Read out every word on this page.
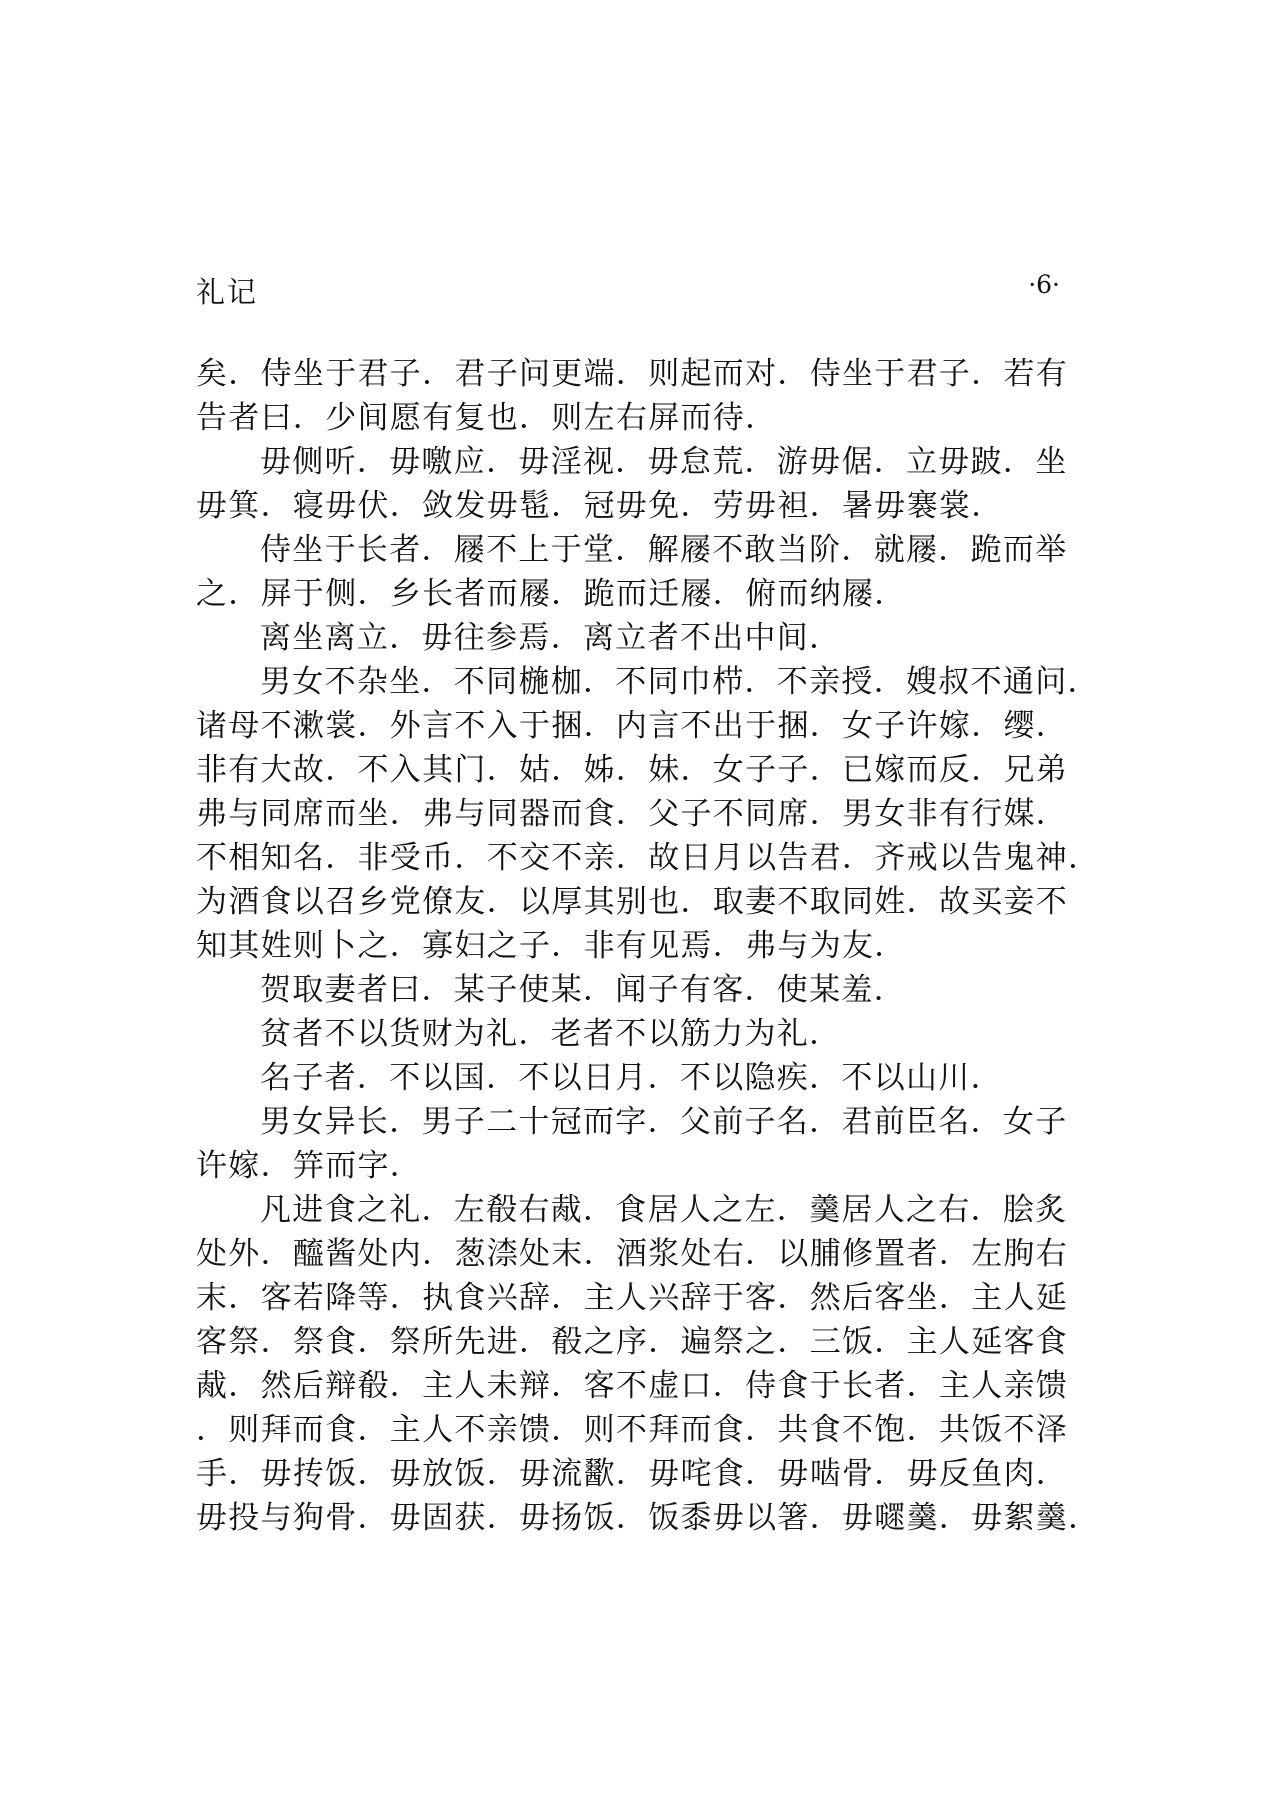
礼记	·6·
矣．侍坐于君子．君子问更端．则起而对．侍坐于君子．若有
告者曰．少间愿有复也．则左右屏而待．
毋侧听．毋噭应．毋淫视．毋怠荒．游毋倨．立毋跛．坐
毋箕．寝毋伏．敛发毋髢．冠毋免．劳毋袒．暑毋褰裳．
侍坐于长者．屦不上于堂．解屦不敢当阶．就屦．跪而举
之．屏于侧．乡长者而屦．跪而迁屦．俯而纳屦．
离坐离立．毋往参焉．离立者不出中间．
男女不杂坐．不同椸枷．不同巾栉．不亲授．嫂叔不通问．
诸母不漱裳．外言不入于捆．内言不出于捆．女子许嫁．缨．
非有大故．不入其门．姑．姊．妹．女子子．已嫁而反．兄弟
弗与同席而坐．弗与同器而食．父子不同席．男女非有行媒．
不相知名．非受币．不交不亲．故日月以告君．齐戒以告鬼神．
为酒食以召乡党僚友．以厚其别也．取妻不取同姓．故买妾不
知其姓则卜之．寡妇之子．非有见焉．弗与为友．
贺取妻者曰．某子使某．闻子有客．使某羞．
贫者不以货财为礼．老者不以筋力为礼．
名子者．不以国．不以日月．不以隐疾．不以山川．
男女异长．男子二十冠而字．父前子名．君前臣名．女子
许嫁．笄而字．
凡进食之礼．左殽右胾．食居人之左．羹居人之右．脍炙
处外．醯酱处内．葱渿处末．酒浆处右．以脯修置者．左朐右
末．客若降等．执食兴辞．主人兴辞于客．然后客坐．主人延
客祭．祭食．祭所先进．殽之序．遍祭之．三饭．主人延客食
胾．然后辩殽．主人未辩．客不虚口．侍食于长者．主人亲馈
．则拜而食．主人不亲馈．则不拜而食．共食不饱．共饭不泽
手．毋抟饭．毋放饭．毋流歠．毋咤食．毋啮骨．毋反鱼肉．
毋投与狗骨．毋固获．毋扬饭．饭黍毋以箸．毋嚃羹．毋絮羹．
